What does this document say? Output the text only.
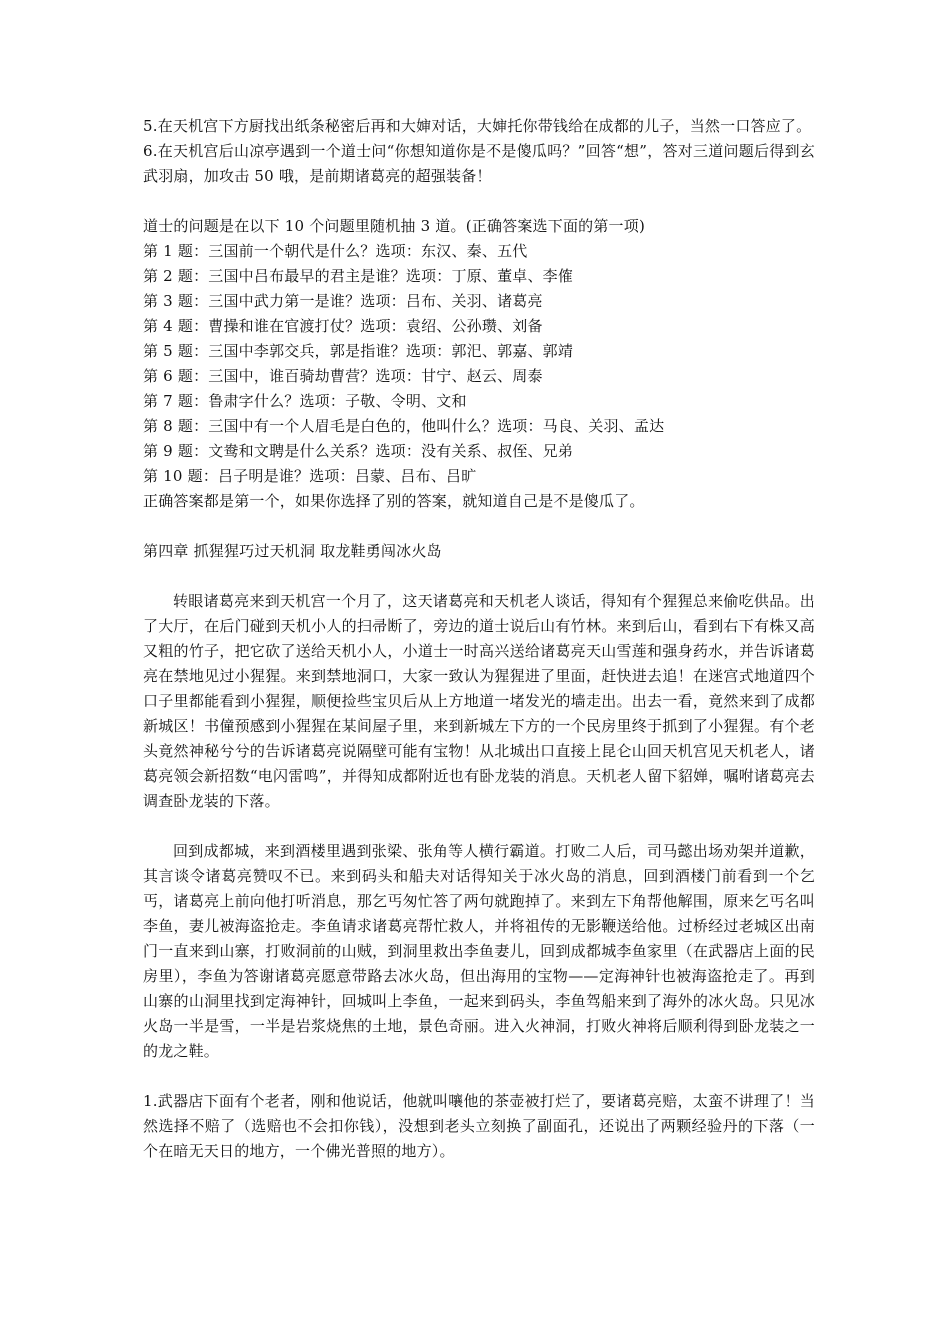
5.在天机宫下方厨找出纸条秘密后再和大婶对话，大婶托你带钱给在成都的儿子，当然一口答应了。

6.在天机宫后山凉亭遇到一个道士问“你想知道你是不是傻瓜吗？”回答“想”，答对三道问题后得到玄武羽扇，加攻击 50 哦，是前期诸葛亮的超强装备！

道士的问题是在以下 10 个问题里随机抽 3 道。(正确答案选下面的第一项)

第 1 题：三国前一个朝代是什么？选项：东汉、秦、五代

第 2 题：三国中吕布最早的君主是谁？选项：丁原、董卓、李傕

第 3 题：三国中武力第一是谁？选项：吕布、关羽、诸葛亮

第 4 题：曹操和谁在官渡打仗？选项：袁绍、公孙瓒、刘备

第 5 题：三国中李郭交兵，郭是指谁？选项：郭汜、郭嘉、郭靖

第 6 题：三国中，谁百骑劫曹营？选项：甘宁、赵云、周泰

第 7 题：鲁肃字什么？选项：子敬、令明、文和

第 8 题：三国中有一个人眉毛是白色的，他叫什么？选项：马良、关羽、孟达

第 9 题：文鸯和文聘是什么关系？选项：没有关系、叔侄、兄弟

第 10 题：吕子明是谁？选项：吕蒙、吕布、吕旷

正确答案都是第一个，如果你选择了别的答案，就知道自己是不是傻瓜了。

第四章 抓猩猩巧过天机洞 取龙鞋勇闯冰火岛

转眼诸葛亮来到天机宫一个月了，这天诸葛亮和天机老人谈话，得知有个猩猩总来偷吃供品。出了大厅，在后门碰到天机小人的扫帚断了，旁边的道士说后山有竹林。来到后山，看到右下有株又高又粗的竹子，把它砍了送给天机小人，小道士一时高兴送给诸葛亮天山雪莲和强身药水，并告诉诸葛亮在禁地见过小猩猩。来到禁地洞口，大家一致认为猩猩进了里面，赶快进去追！在迷宫式地道四个口子里都能看到小猩猩，顺便捡些宝贝后从上方地道一堵发光的墙走出。出去一看，竟然来到了成都新城区！书僮预感到小猩猩在某间屋子里，来到新城左下方的一个民房里终于抓到了小猩猩。有个老头竟然神秘兮兮的告诉诸葛亮说隔壁可能有宝物！从北城出口直接上昆仑山回天机宫见天机老人，诸葛亮领会新招数“电闪雷鸣”，并得知成都附近也有卧龙装的消息。天机老人留下貂婵，嘱咐诸葛亮去调查卧龙装的下落。

回到成都城，来到酒楼里遇到张梁、张角等人横行霸道。打败二人后，司马懿出场劝架并道歉，其言谈令诸葛亮赞叹不已。来到码头和船夫对话得知关于冰火岛的消息，回到酒楼门前看到一个乞丐，诸葛亮上前向他打听消息，那乞丐匆忙答了两句就跑掉了。来到左下角帮他解围，原来乞丐名叫李鱼，妻儿被海盗抢走。李鱼请求诸葛亮帮忙救人，并将祖传的无影鞭送给他。过桥经过老城区出南门一直来到山寨，打败洞前的山贼，到洞里救出李鱼妻儿，回到成都城李鱼家里（在武器店上面的民房里），李鱼为答谢诸葛亮愿意带路去冰火岛，但出海用的宝物——定海神针也被海盗抢走了。再到山寨的山洞里找到定海神针，回城叫上李鱼，一起来到码头，李鱼驾船来到了海外的冰火岛。只见冰火岛一半是雪，一半是岩浆烧焦的土地，景色奇丽。进入火神洞，打败火神将后顺利得到卧龙装之一的龙之鞋。

1.武器店下面有个老者，刚和他说话，他就叫嚷他的茶壶被打烂了，要诸葛亮赔，太蛮不讲理了！当然选择不赔了（选赔也不会扣你钱），没想到老头立刻换了副面孔，还说出了两颗经验丹的下落（一个在暗无天日的地方，一个佛光普照的地方）。
